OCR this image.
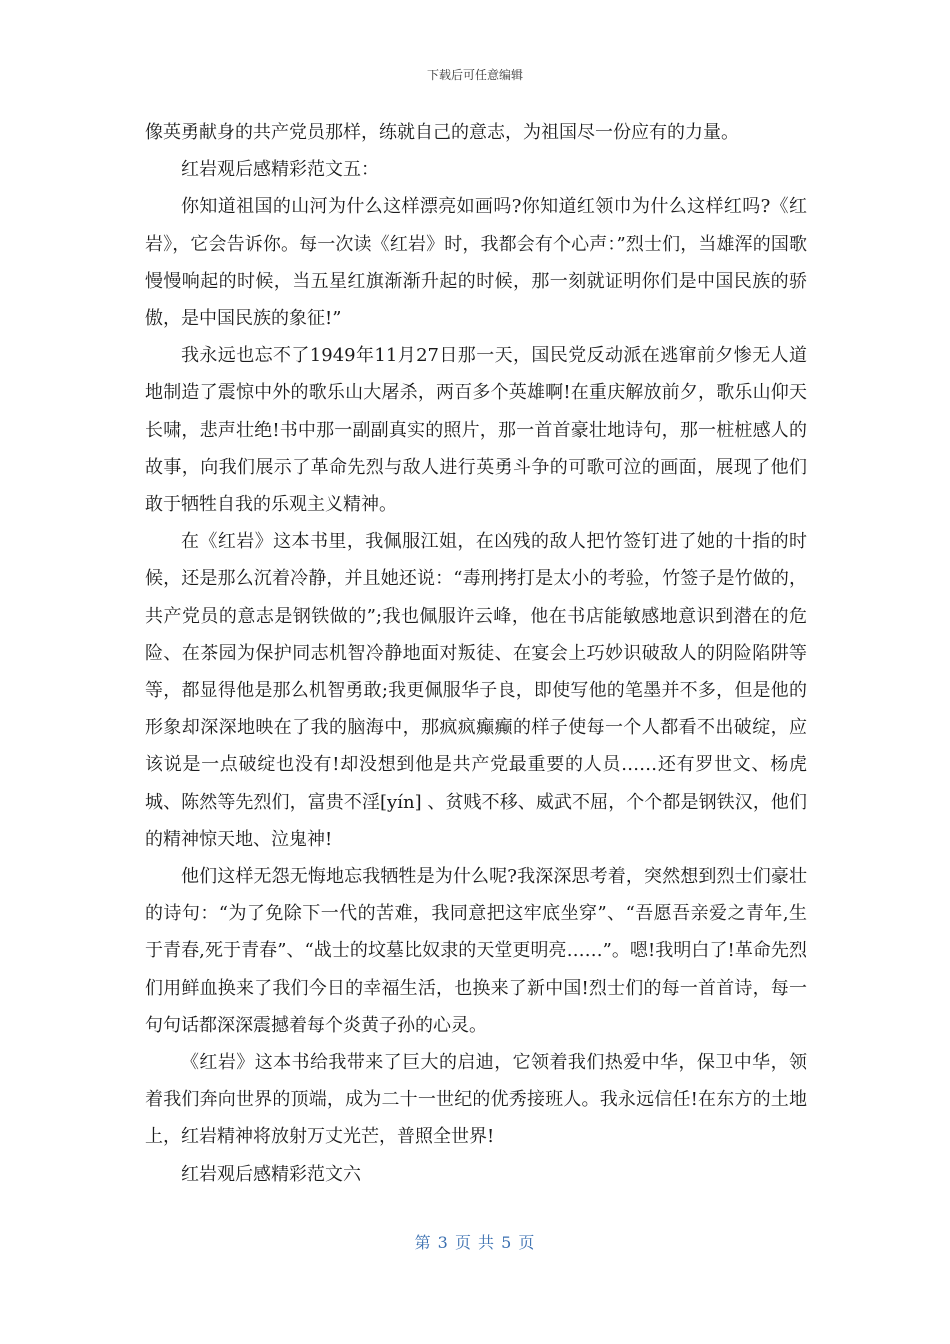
下载后可任意编辑

像英勇献身的共产党员那样，练就自己的意志，为祖国尽一份应有的力量。

红岩观后感精彩范文五：

你知道祖国的山河为什么这样漂亮如画吗?你知道红领巾为什么这样红吗?《红岩》，它会告诉你。每一次读《红岩》时，我都会有个心声：”烈士们，当雄浑的国歌慢慢响起的时候，当五星红旗渐渐升起的时候，那一刻就证明你们是中国民族的骄傲，是中国民族的象征!”

我永远也忘不了1949年11月27日那一天，国民党反动派在逃窜前夕惨无人道地制造了震惊中外的歌乐山大屠杀，两百多个英雄啊!在重庆解放前夕，歌乐山仰天长啸，悲声壮绝!书中那一副副真实的照片，那一首首豪壮地诗句，那一桩桩感人的故事，向我们展示了革命先烈与敌人进行英勇斗争的可歌可泣的画面，展现了他们敢于牺牲自我的乐观主义精神。

在《红岩》这本书里，我佩服江姐，在凶残的敌人把竹签钉进了她的十指的时候，还是那么沉着冷静，并且她还说：“毒刑拷打是太小的考验，竹签子是竹做的，共产党员的意志是钢铁做的”;我也佩服许云峰，他在书店能敏感地意识到潜在的危险、在茶园为保护同志机智冷静地面对叛徒、在宴会上巧妙识破敌人的阴险陷阱等等，都显得他是那么机智勇敢;我更佩服华子良，即使写他的笔墨并不多，但是他的形象却深深地映在了我的脑海中，那疯疯癫癫的样子使每一个人都看不出破绽，应该说是一点破绽也没有!却没想到他是共产党最重要的人员……还有罗世文、杨虎城、陈然等先烈们，富贵不淫[yín] 、贫贱不移、威武不屈，个个都是钢铁汉，他们的精神惊天地、泣鬼神!

他们这样无怨无悔地忘我牺牲是为什么呢?我深深思考着，突然想到烈士们豪壮的诗句：“为了免除下一代的苦难，我同意把这牢底坐穿”、“吾愿吾亲爱之青年,生于青春,死于青春”、“战士的坟墓比奴隶的天堂更明亮……”。嗯!我明白了!革命先烈们用鲜血换来了我们今日的幸福生活，也换来了新中国!烈士们的每一首首诗，每一句句话都深深震撼着每个炎黄子孙的心灵。

《红岩》这本书给我带来了巨大的启迪，它领着我们热爱中华，保卫中华，领着我们奔向世界的顶端，成为二十一世纪的优秀接班人。我永远信任!在东方的土地上，红岩精神将放射万丈光芒，普照全世界!

红岩观后感精彩范文六

第 3 页 共 5 页
